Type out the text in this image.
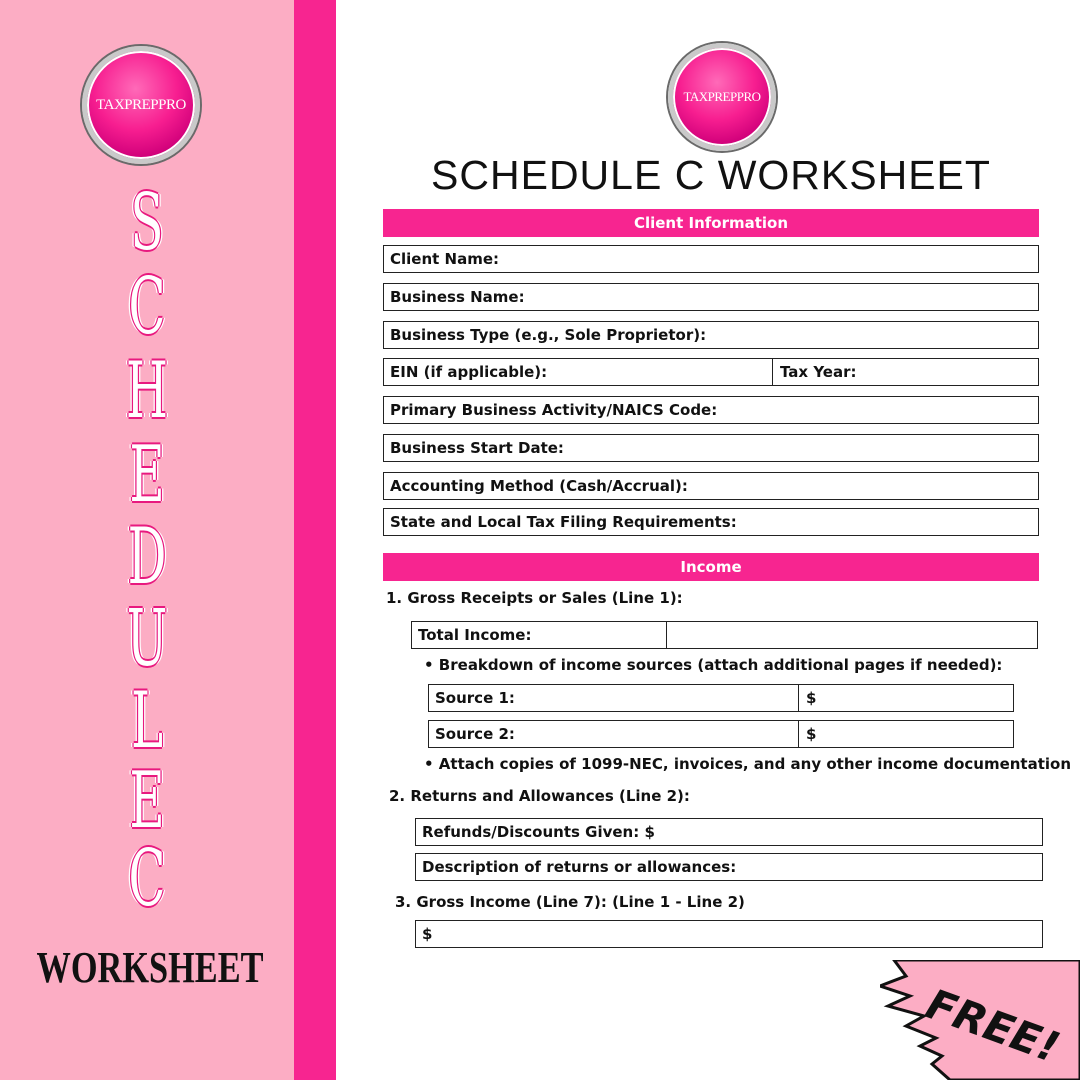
TAXPREPPRO	TAXPREPPRO
S
C
H
E
D
U
L
E
C
WORKSHEET
SCHEDULE C WORKSHEET
Client Information
Client Name:
Business Name:
Business Type (e.g., Sole Proprietor):
EIN (if applicable):	Tax Year:
Primary Business Activity/NAICS Code:
Business Start Date:
Accounting Method (Cash/Accrual):
State and Local Tax Filing Requirements:
Income
1. Gross Receipts or Sales (Line 1):
Total Income:
• Breakdown of income sources (attach additional pages if needed):
Source 1:	$
Source 2:	$
• Attach copies of 1099-NEC, invoices, and any other income documentation
2. Returns and Allowances (Line 2):
Refunds/Discounts Given: $
Description of returns or allowances:
3. Gross Income (Line 7): (Line 1 - Line 2)
$
FREE!
